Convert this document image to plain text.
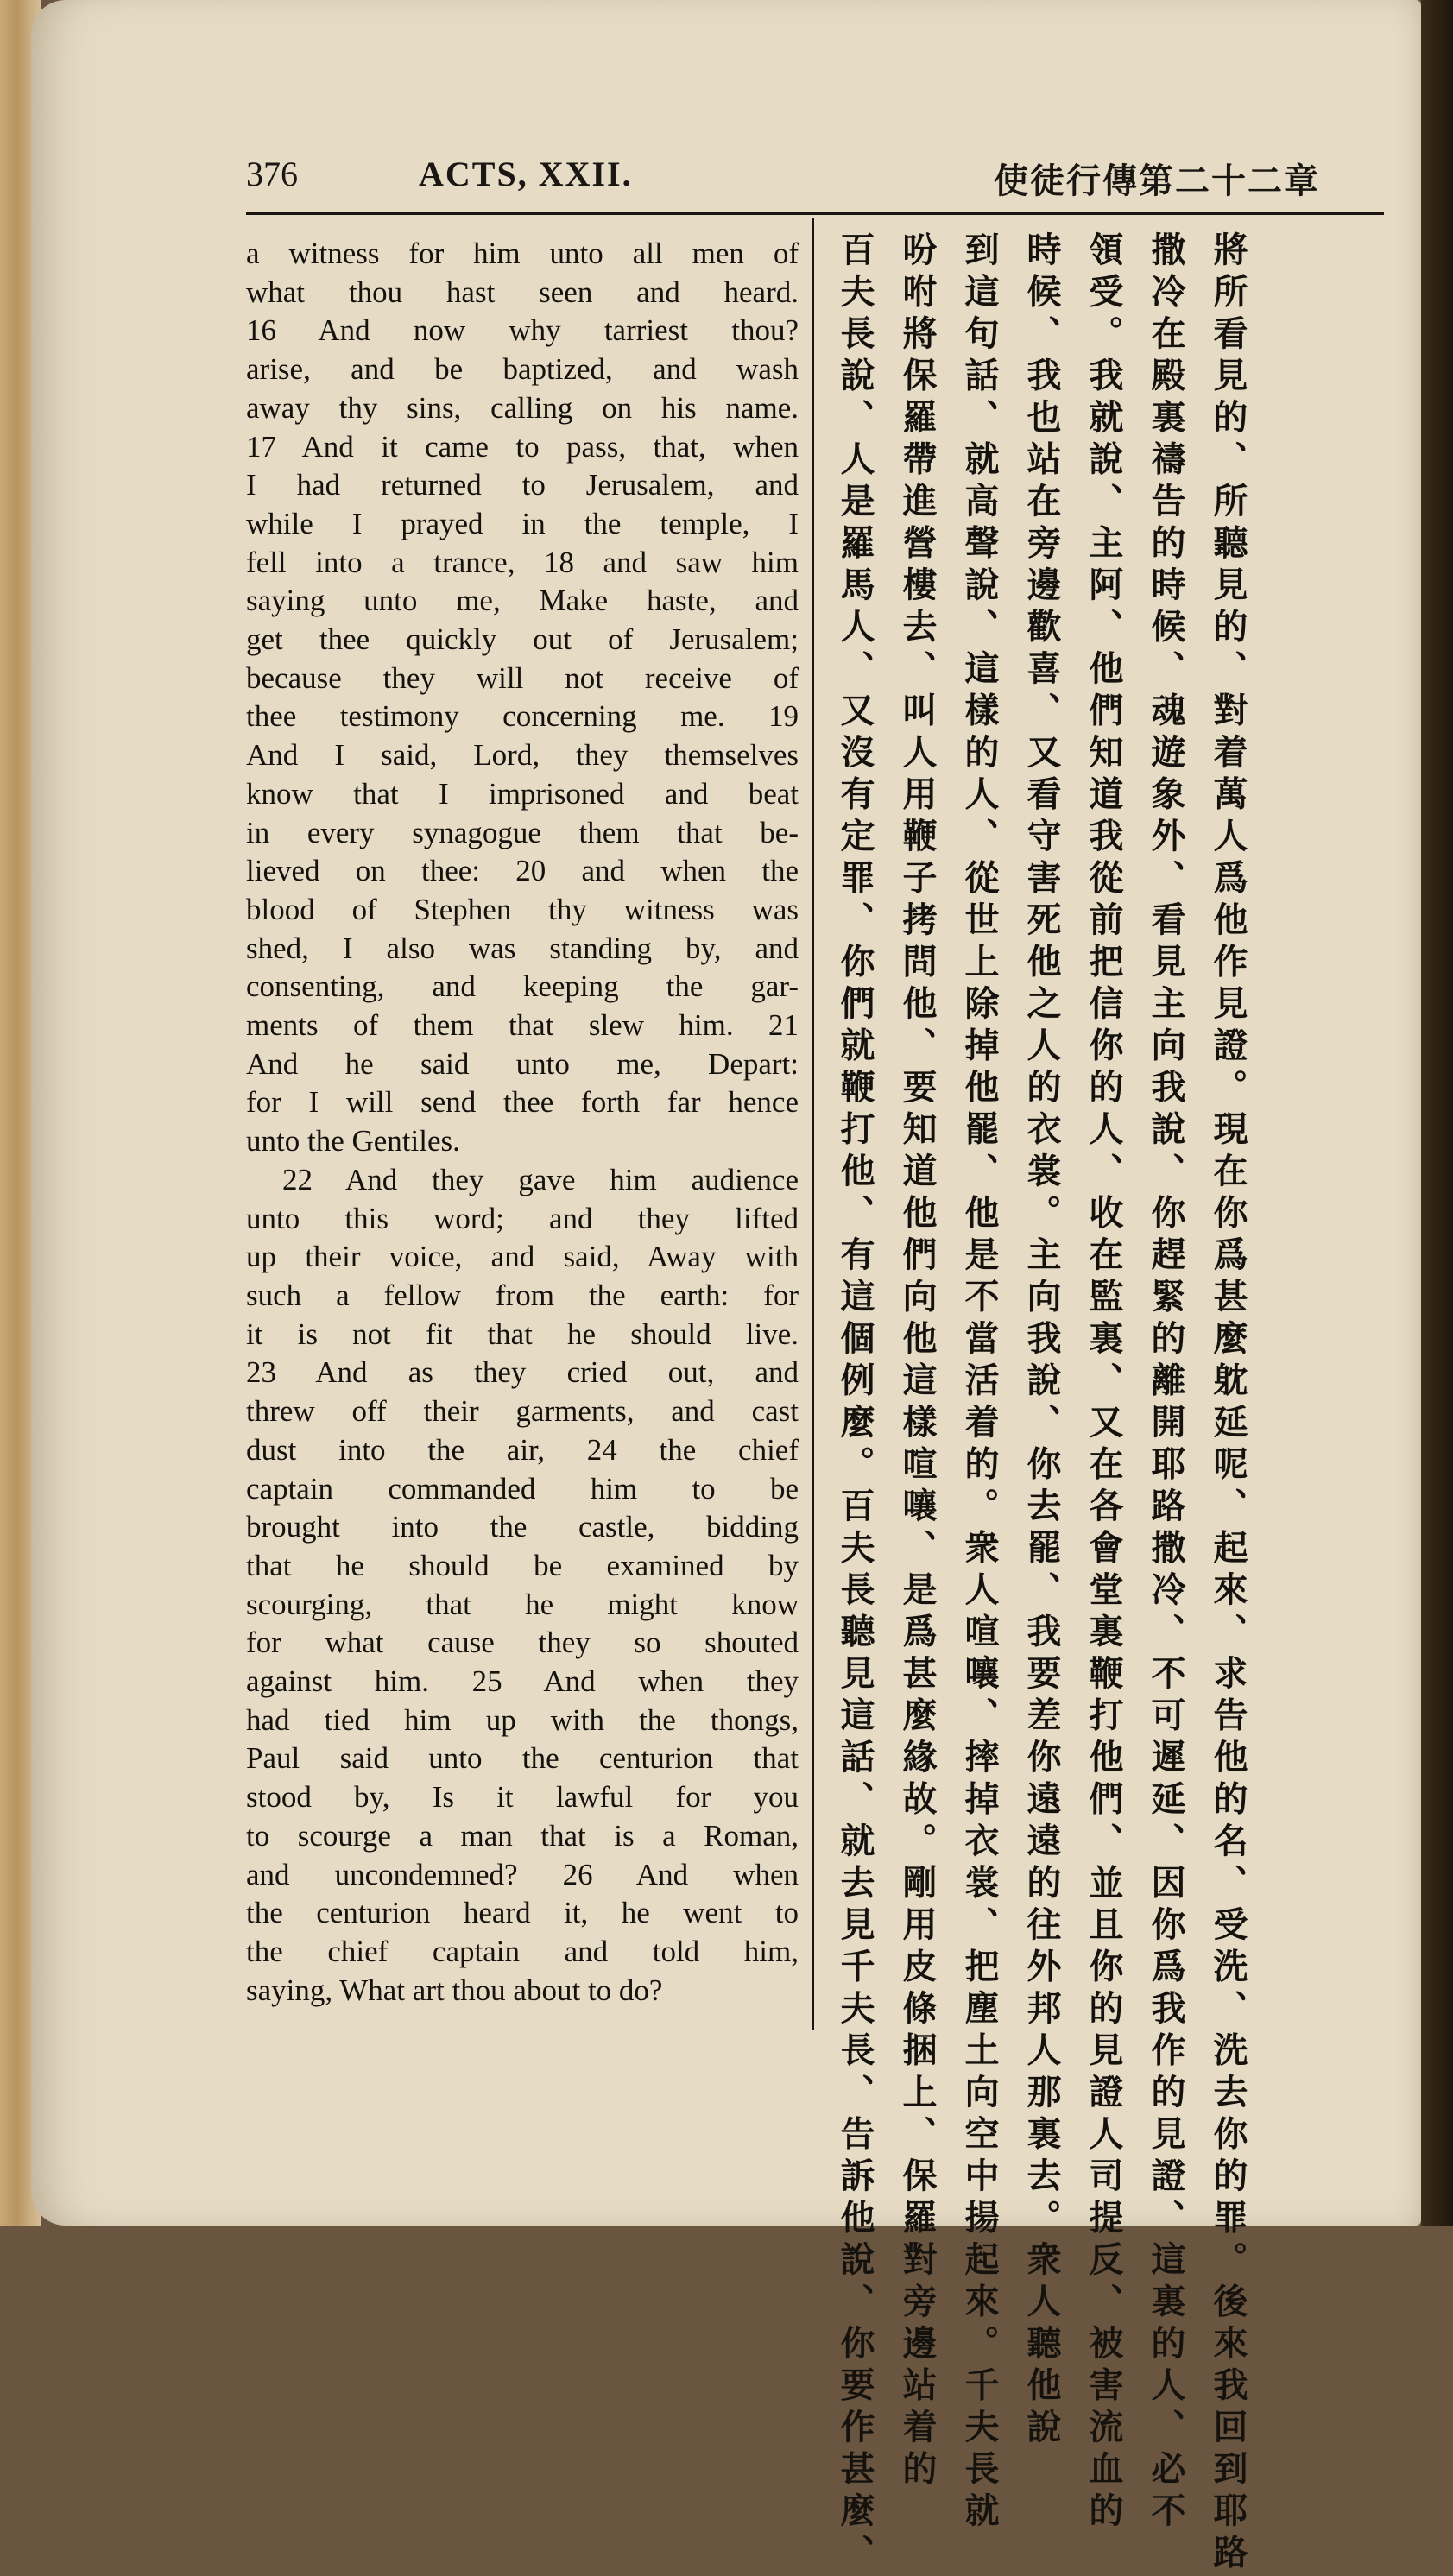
376	ACTS, XXII.	使徒行傳第二十二章
a witness for him unto all men of
what thou hast seen and heard.
16 And now why tarriest thou?
arise, and be baptized, and wash
away thy sins, calling on his name.
17 And it came to pass, that, when
I had returned to Jerusalem, and
while I prayed in the temple, I
fell into a trance, 18 and saw him
saying unto me, Make haste, and
get thee quickly out of Jerusalem;
because they will not receive of
thee testimony concerning me. 19
And I said, Lord, they themselves
know that I imprisoned and beat
in every synagogue them that be-
lieved on thee: 20 and when the
blood of Stephen thy witness was
shed, I also was standing by, and
consenting, and keeping the gar-
ments of them that slew him. 21
And he said unto me, Depart:
for I will send thee forth far hence
unto the Gentiles.
22 And they gave him audience
unto this word; and they lifted
up their voice, and said, Away with
such a fellow from the earth: for
it is not fit that he should live.
23 And as they cried out, and
threw off their garments, and cast
dust into the air, 24 the chief
captain commanded him to be
brought into the castle, bidding
that he should be examined by
scourging, that he might know
for what cause they so shouted
against him. 25 And when they
had tied him up with the thongs,
Paul said unto the centurion that
stood by, Is it lawful for you
to scourge a man that is a Roman,
and uncondemned? 26 And when
the centurion heard it, he went to
the chief captain and told him,
saying, What art thou about to do?	百夫長說、人是羅馬人、又沒有定罪、你們就鞭打他、有這個例麼。百夫長聽見這話、就去見千夫長、告訴他說、你要作甚麼、 吩咐將保羅帶進營樓去、叫人用鞭子拷問他、要知道他們向他這樣喧嚷、是爲甚麼緣故。剛用皮條捆上、保羅對旁邊站着的 到這句話、就高聲說、這樣的人、從世上除掉他罷、他是不當活着的。衆人喧嚷、摔掉衣裳、把塵土向空中揚起來。千夫長就 時候、我也站在旁邊歡喜、又看守害死他之人的衣裳。主向我說、你去罷、我要差你遠遠的往外邦人那裏去。衆人聽他說 領受。我就說、主阿、他們知道我從前把信你的人、收在監裏、又在各會堂裏鞭打他們、並且你的見證人司提反、被害流血的 撒冷在殿裏禱告的時候、魂遊象外、看見主向我說、你趕緊的離開耶路撒冷、不可遲延、因你爲我作的見證、這裏的人、必不 將所看見的、所聽見的、對着萬人爲他作見證。現在你爲甚麼躭延呢、起來、求告他的名、受洗、洗去你的罪。後來我回到耶路
